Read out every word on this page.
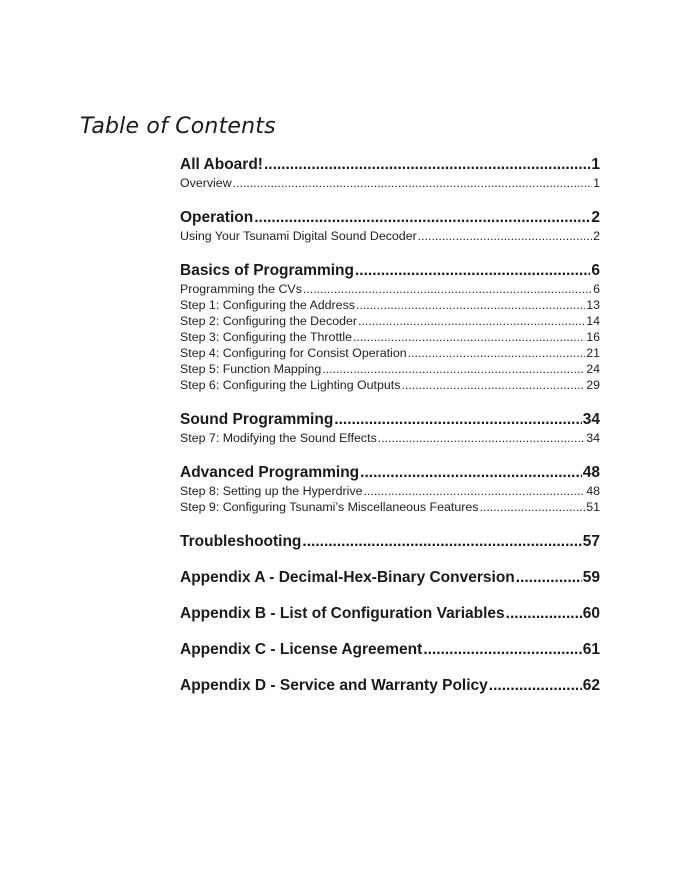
Table of Contents
All Aboard! .....	1
Overview .....	1
Operation .....	2
Using Your Tsunami Digital Sound Decoder .....	2
Basics of Programming .....	6
Programming the CVs .....	6
Step 1: Configuring the Address .....	13
Step 2: Configuring the Decoder .....	14
Step 3: Configuring the Throttle .....	16
Step 4: Configuring for Consist Operation .....	21
Step 5: Function Mapping .....	24
Step 6: Configuring the Lighting Outputs .....	29
Sound Programming .....	34
Step 7: Modifying the Sound Effects .....	34
Advanced Programming .....	48
Step 8: Setting up the Hyperdrive .....	48
Step 9: Configuring Tsunami’s Miscellaneous Features .....	51
Troubleshooting .....	57
Appendix A - Decimal-Hex-Binary Conversion .....	59
Appendix B - List of Configuration Variables .....	60
Appendix C - License Agreement .....	61
Appendix D - Service and Warranty Policy .....	62
